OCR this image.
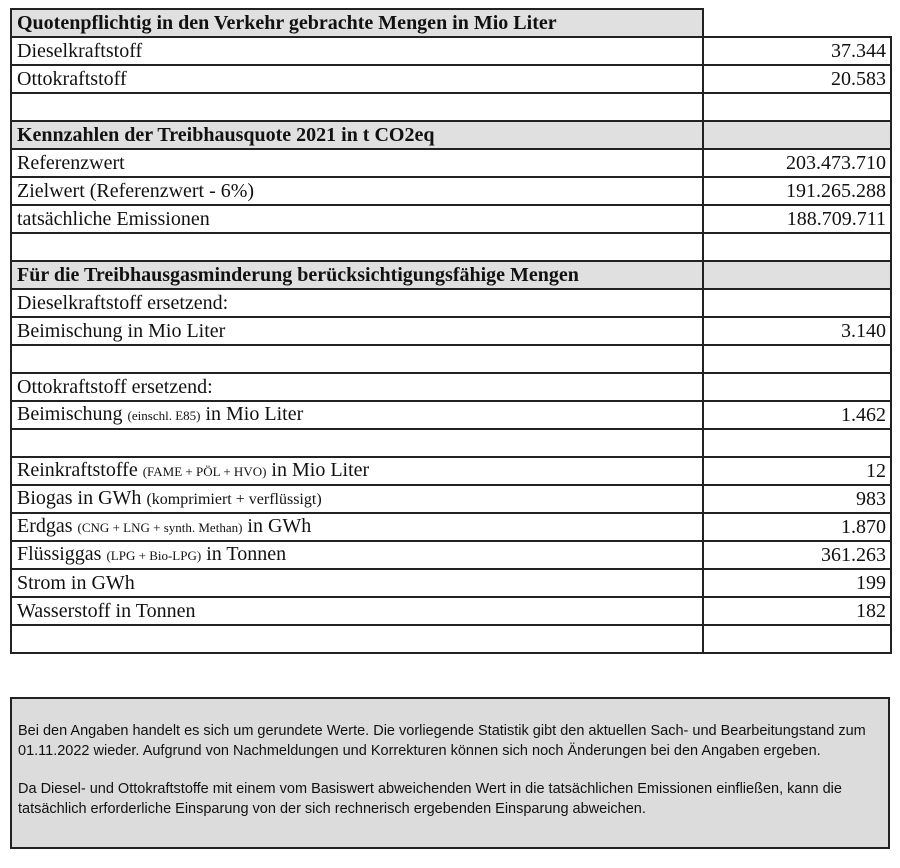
Quotenpflichtig in den Verkehr gebrachte Mengen in Mio Liter	
Dieselkraftstoff	37.344
Ottokraftstoff	20.583

Kennzahlen der Treibhausquote 2021 in t CO2eq	
Referenzwert	203.473.710
Zielwert (Referenzwert - 6%)	191.265.288
tatsächliche Emissionen	188.709.711

Für die Treibhausgasminderung berücksichtigungsfähige Mengen	
Dieselkraftstoff ersetzend:	
Beimischung in Mio Liter	3.140

Ottokraftstoff ersetzend:	
Beimischung (einschl. E85) in Mio Liter	1.462

Reinkraftstoffe (FAME + PÖL + HVO) in Mio Liter	12
Biogas in GWh (komprimiert + verflüssigt)	983
Erdgas (CNG + LNG + synth. Methan) in GWh	1.870
Flüssiggas (LPG + Bio-LPG) in Tonnen	361.263
Strom in GWh	199
Wasserstoff in Tonnen	182

Bei den Angaben handelt es sich um gerundete Werte. Die vorliegende Statistik gibt den aktuellen Sach- und Bearbeitungstand zum 01.11.2022 wieder. Aufgrund von Nachmeldungen und Korrekturen können sich noch Änderungen bei den Angaben ergeben.

Da Diesel- und Ottokraftstoffe mit einem vom Basiswert abweichenden Wert in die tatsächlichen Emissionen einfließen, kann die tatsächlich erforderliche Einsparung von der sich rechnerisch ergebenden Einsparung abweichen.
